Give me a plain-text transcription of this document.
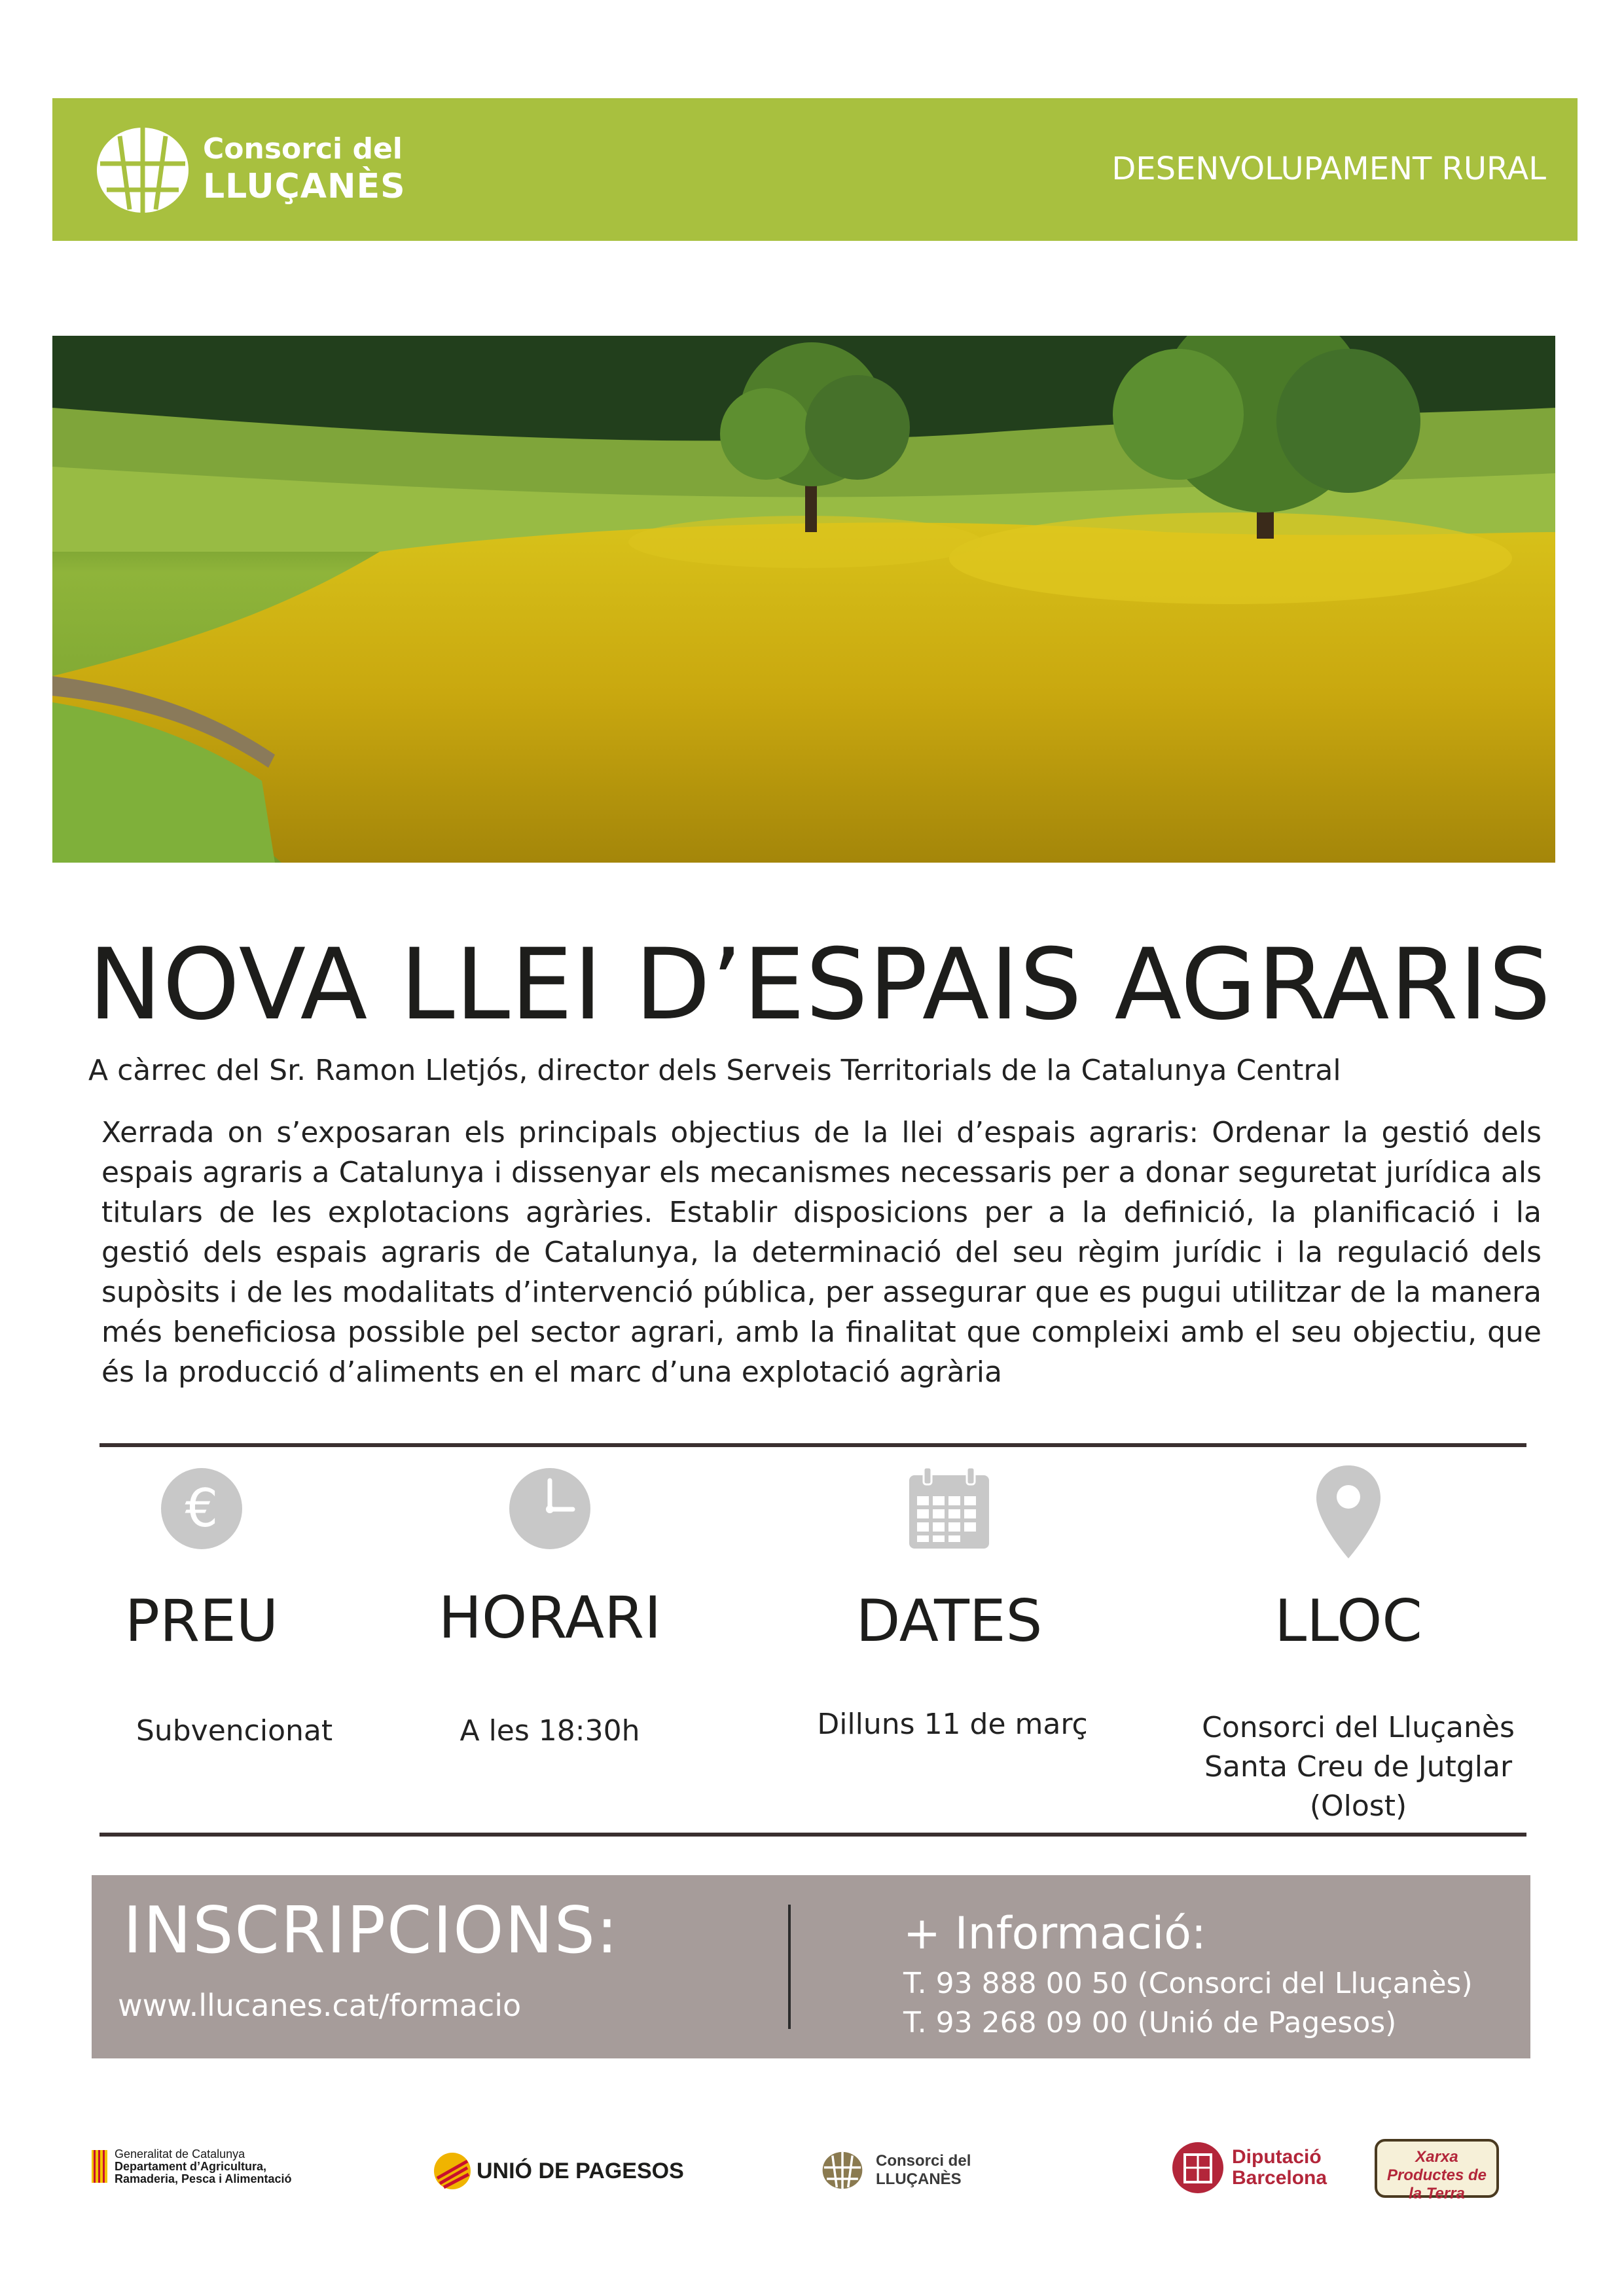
Consorci del
LLUÇANÈS	DESENVOLUPAMENT RURAL
NOVA LLEI D’ESPAIS AGRARIS
A càrrec del Sr. Ramon Lletjós, director dels Serveis Territorials de la Catalunya Central
Xerrada on s’exposaran els principals objectius de la llei d’espais agraris: Ordenar la gestió dels espais agraris a Catalunya i dissenyar els mecanismes necessaris per a donar seguretat jurídica als titulars de les explotacions agràries. Establir disposicions per a la definició, la planificació i la gestió dels espais agraris de Catalunya, la determinació del seu règim jurídic i la regulació dels supòsits i de les modalitats d’intervenció pública, per assegurar que es pugui utilitzar de la manera més beneficiosa possible pel sector agrari, amb la finalitat que compleixi amb el seu objectiu, que és la producció d’aliments en el marc d’una explotació agrària
€
PREU
Subvencionat
HORARI
A les 18:30h
DATES
Dilluns 11 de març
LLOC
Consorci del Lluçanès
Santa Creu de Jutglar
(Olost)
INSCRIPCIONS:
www.llucanes.cat/formacio
+ Informació:
T. 93 888 00 50 (Consorci del Lluçanès)
T. 93 268 09 00 (Unió de Pagesos)
Generalitat de Catalunya
Departament d’Agricultura,
Ramaderia, Pesca i Alimentació	UNIÓ DE PAGESOS	Consorci del
LLUÇANÈS
Diputació
Barcelona
Xarxa Productes de la Terra
